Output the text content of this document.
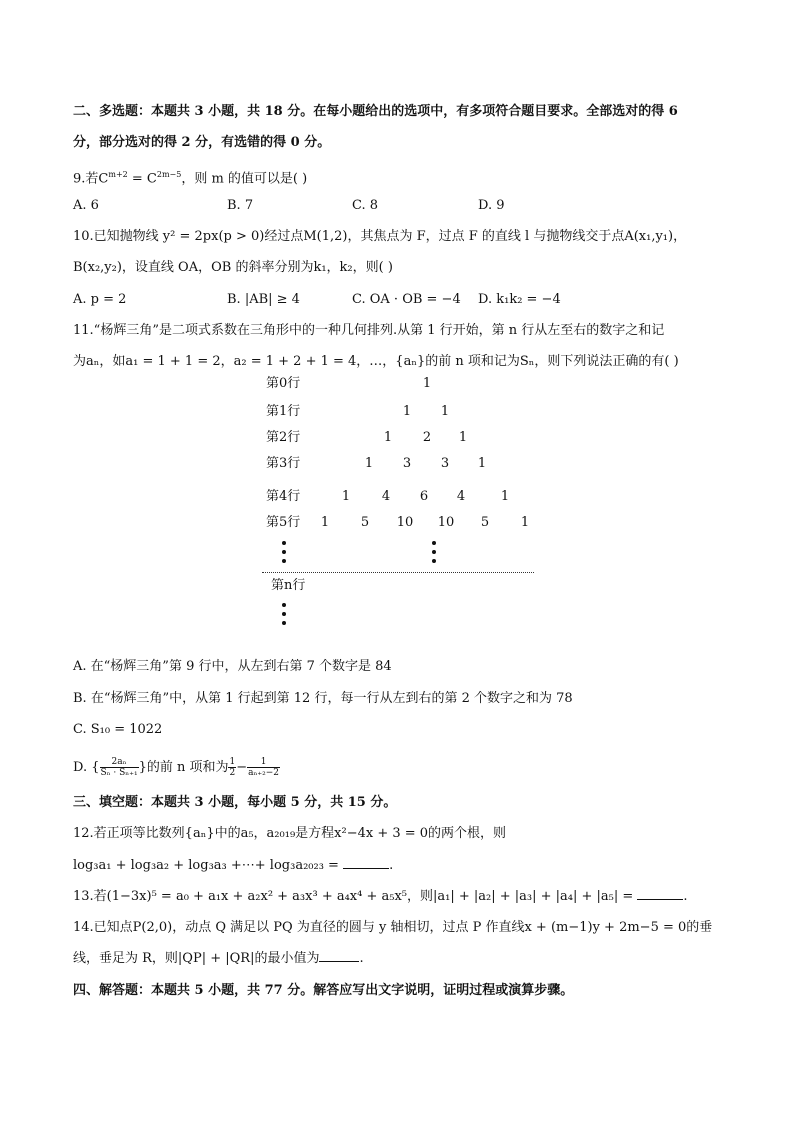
二、多选题：本题共 3 小题，共 18 分。在每小题给出的选项中，有多项符合题目要求。全部选对的得 6
分，部分选对的得 2 分，有选错的得 0 分。
9.若$C^{m+2} = C^{2m-5}$，则 m 的值可以是( )
A. 6	B. 7	C. 8	D. 9
10.已知抛物线 y² = 2px(p > 0)经过点M(1,2)，其焦点为 F，过点 F 的直线 l 与抛物线交于点A(x₁,y₁)，
B(x₂,y₂)，设直线 OA，OB 的斜率分别为k₁，k₂，则( )
A. p = 2	B. |AB| ≥ 4	C. OA · OB = −4 D. k₁k₂ = −4
11.“杨辉三角”是二项式系数在三角形中的一种几何排列.从第 1 行开始，第 n 行从左至右的数字之和记
为aₙ，如a₁ = 1 + 1 = 2，a₂ = 1 + 2 + 1 = 4，…，{aₙ}的前 n 项和记为Sₙ，则下列说法正确的有( )
第0行	1
第1行	1	1
第2行	1	2	1
第3行	1	3	3	1
第4行	1	4	6	4	1
第5行	1	5	10 10	5	1
第n行
A. 在“杨辉三角”第 9 行中，从左到右第 7 个数字是 84
B. 在“杨辉三角”中，从第 1 行起到第 12 行，每一行从左到右的第 2 个数字之和为 78
C. S₁₀ = 1022
D. { $\frac{\text{2aₙ}}{\text{Sₙ · Sₙ₊₁}}$ }的前 n 项和为 $\frac{1}{2} - \frac{1}{\text{aₙ₊₂−2}}$
三、填空题：本题共 3 小题，每小题 5 分，共 15 分。
12.若正项等比数列{aₙ}中的a₅，a₂₀₁₉是方程x²−4x + 3 = 0的两个根，则
log₃a₁ + log₃a₂ + log₃a₃ +⋯+ log₃a₂₀₂₃ =	.
13.若(1−3x)⁵ = a₀ + a₁x + a₂x² + a₃x³ + a₄x⁴ + a₅x⁵，则|a₁| + |a₂| + |a₃| + |a₄| + |a₅| =	.
14.已知点P(2,0)，动点 Q 满足以 PQ 为直径的圆与 y 轴相切，过点 P 作直线x + (m−1)y + 2m−5 = 0的垂
线，垂足为 R，则|QP| + |QR|的最小值为	.
四、解答题：本题共 5 小题，共 77 分。解答应写出文字说明，证明过程或演算步骤。
